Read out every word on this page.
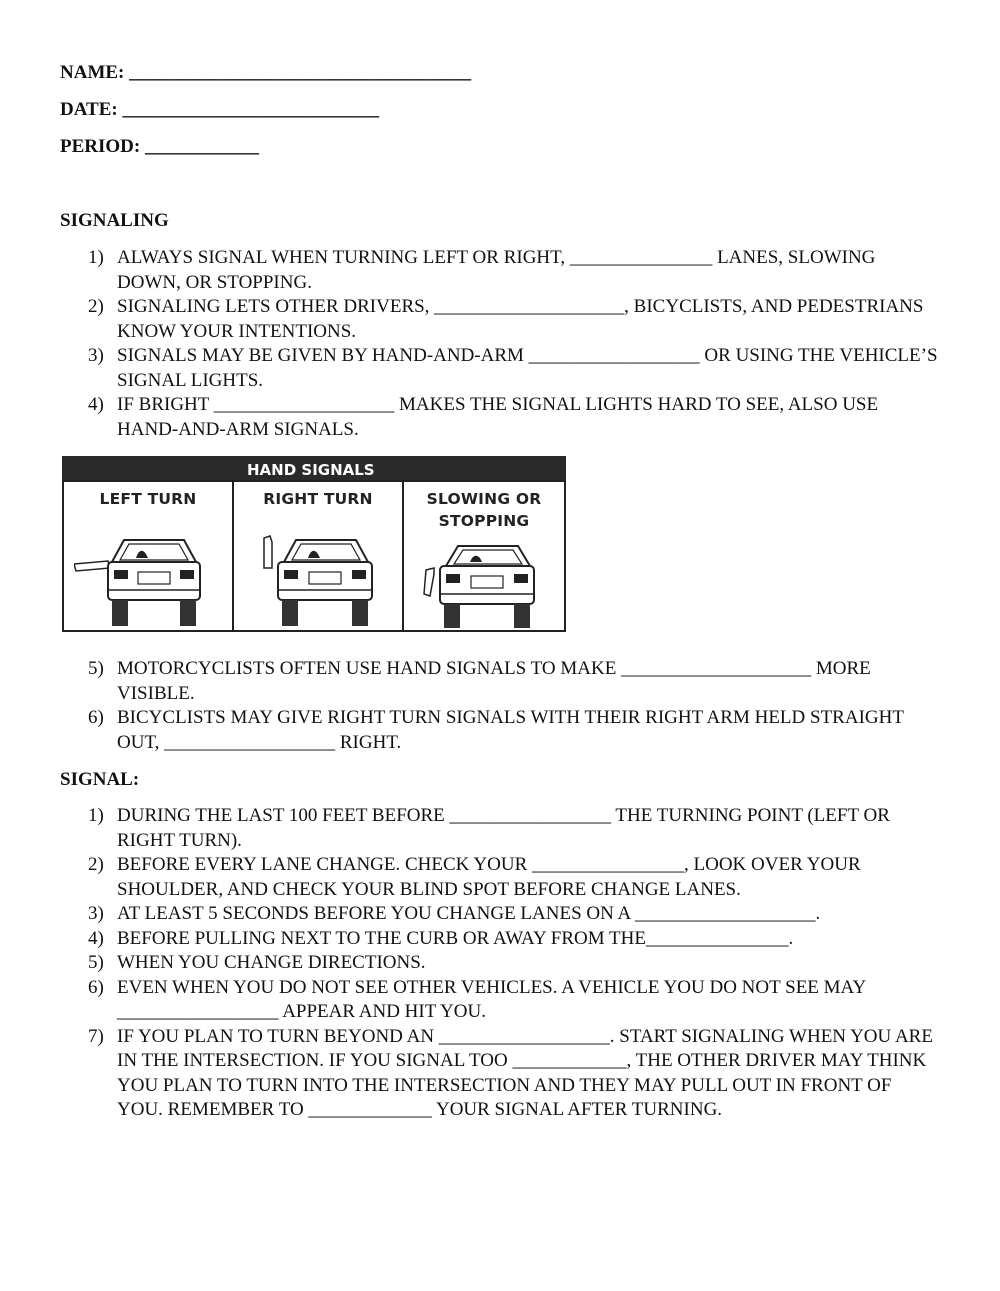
NAME: ____________________________________
DATE: ___________________________
PERIOD: ____________
SIGNALING
1) ALWAYS SIGNAL WHEN TURNING LEFT OR RIGHT, _______________ LANES, SLOWING DOWN, OR STOPPING.
2) SIGNALING LETS OTHER DRIVERS, ____________________, BICYCLISTS, AND PEDESTRIANS KNOW YOUR INTENTIONS.
3) SIGNALS MAY BE GIVEN BY HAND-AND-ARM __________________ OR USING THE VEHICLE’S SIGNAL LIGHTS.
4) IF BRIGHT ___________________ MAKES THE SIGNAL LIGHTS HARD TO SEE, ALSO USE HAND-AND-ARM SIGNALS.
HAND SIGNALS
LEFT TURN	RIGHT TURN	SLOWING OR
STOPPING
5) MOTORCYCLISTS OFTEN USE HAND SIGNALS TO MAKE ____________________ MORE VISIBLE.
6) BICYCLISTS MAY GIVE RIGHT TURN SIGNALS WITH THEIR RIGHT ARM HELD STRAIGHT OUT, __________________ RIGHT.
SIGNAL:
1) DURING THE LAST 100 FEET BEFORE _________________ THE TURNING POINT (LEFT OR RIGHT TURN).
2) BEFORE EVERY LANE CHANGE. CHECK YOUR ________________, LOOK OVER YOUR SHOULDER, AND CHECK YOUR BLIND SPOT BEFORE CHANGE LANES.
3) AT LEAST 5 SECONDS BEFORE YOU CHANGE LANES ON A ___________________.
4) BEFORE PULLING NEXT TO THE CURB OR AWAY FROM THE_______________.
5) WHEN YOU CHANGE DIRECTIONS.
6) EVEN WHEN YOU DO NOT SEE OTHER VEHICLES. A VEHICLE YOU DO NOT SEE MAY _________________ APPEAR AND HIT YOU.
7) IF YOU PLAN TO TURN BEYOND AN __________________. START SIGNALING WHEN YOU ARE IN THE INTERSECTION. IF YOU SIGNAL TOO ____________, THE OTHER DRIVER MAY THINK YOU PLAN TO TURN INTO THE INTERSECTION AND THEY MAY PULL OUT IN FRONT OF YOU. REMEMBER TO _____________ YOUR SIGNAL AFTER TURNING.
